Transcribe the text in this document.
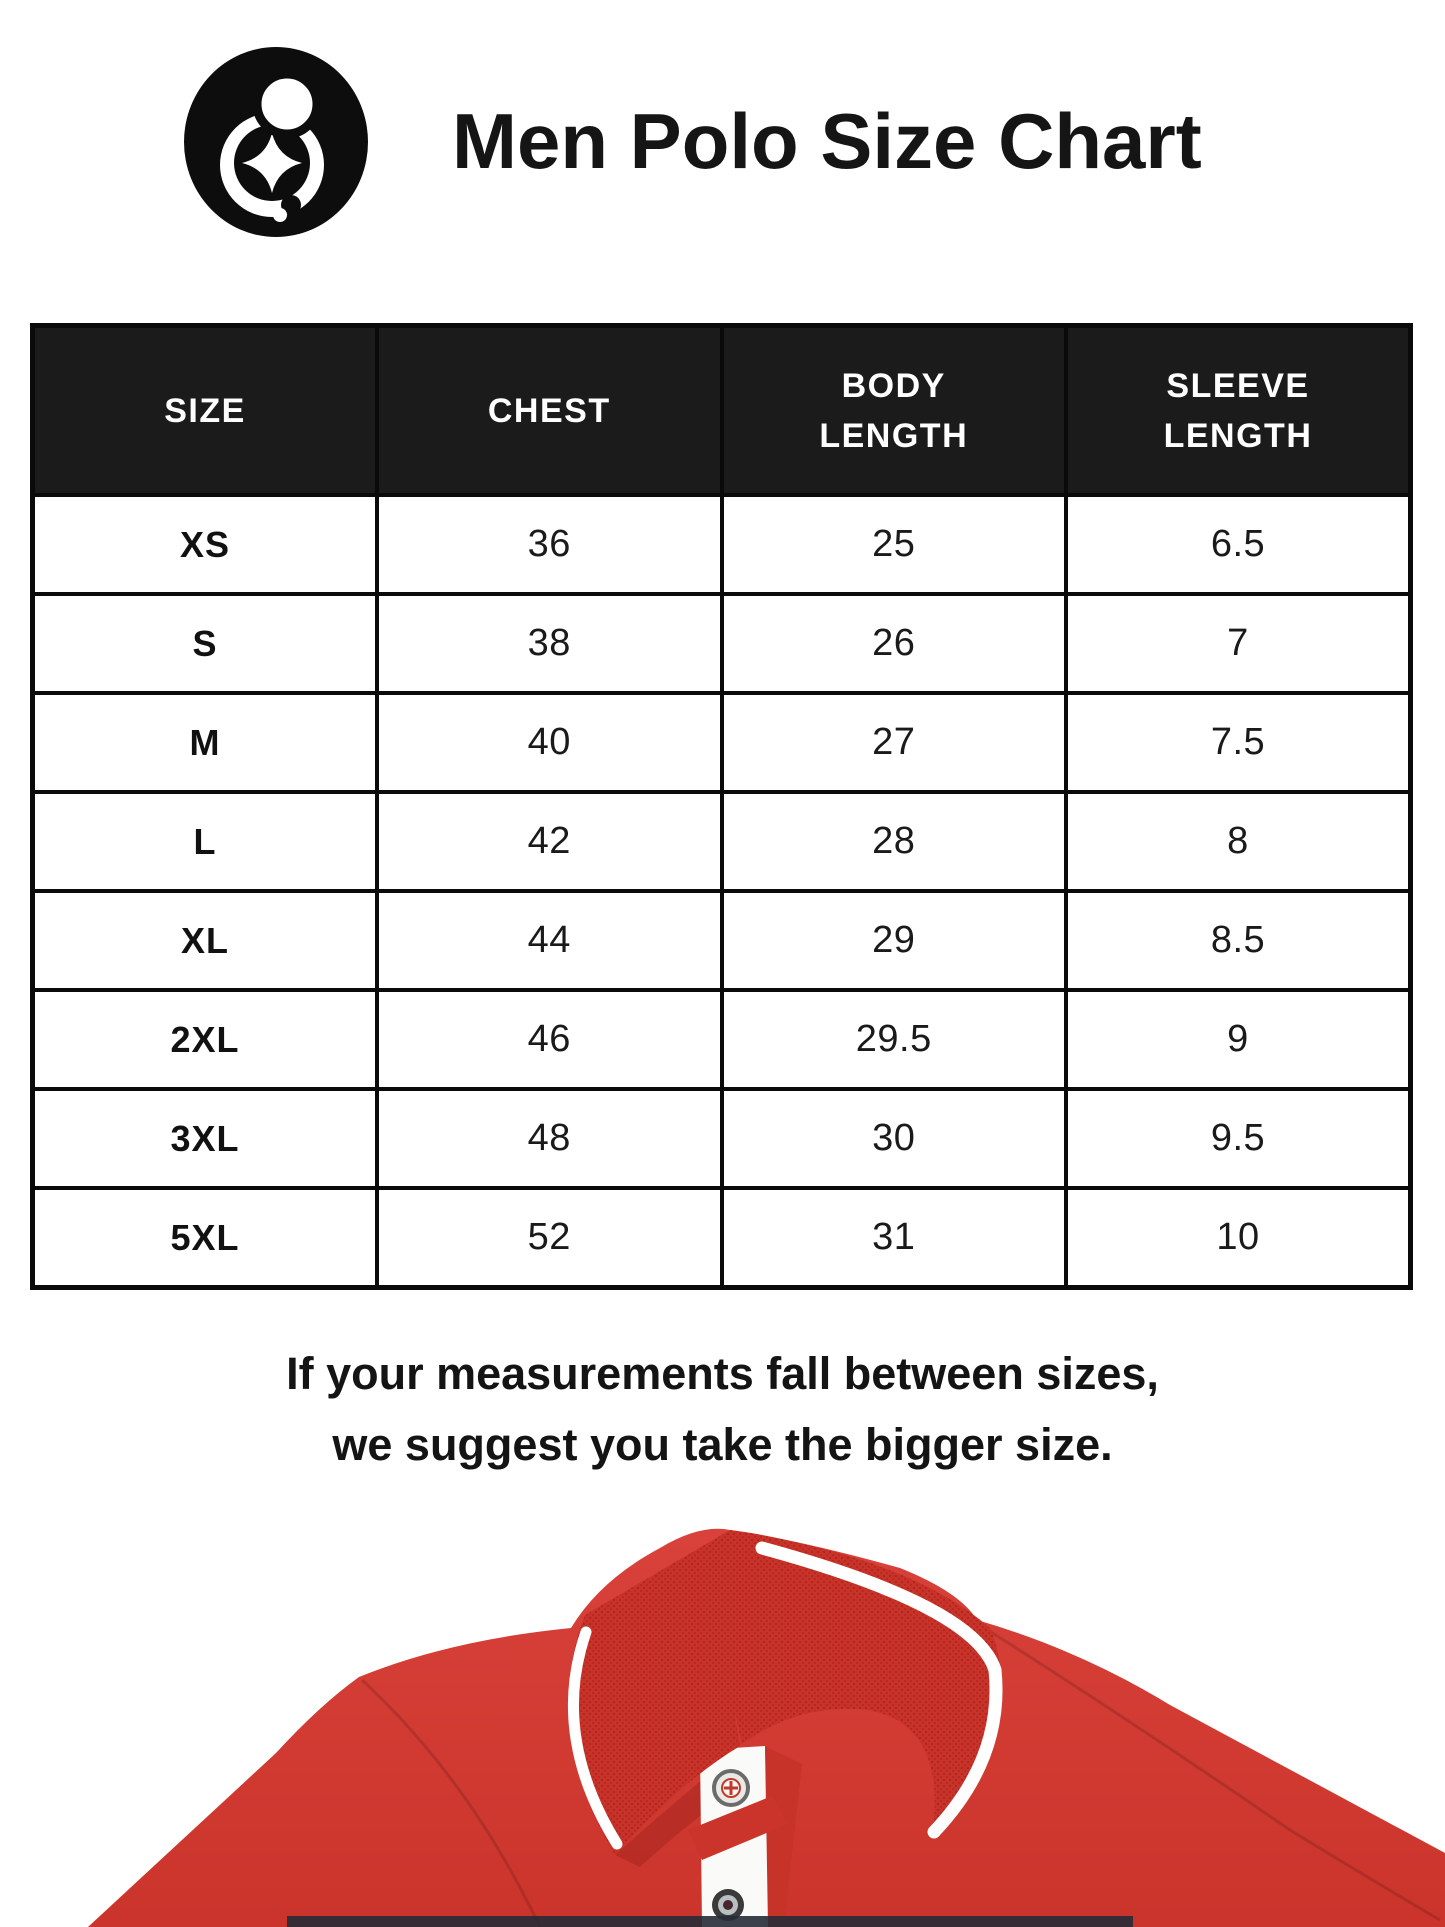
Men Polo Size Chart
SIZE	CHEST	BODY LENGTH	SLEEVE LENGTH
XS	36	25	6.5
S	38	26	7
M	40	27	7.5
L	42	28	8
XL	44	29	8.5
2XL	46	29.5	9
3XL	48	30	9.5
5XL	52	31	10
If your measurements fall between sizes,
we suggest you take the bigger size.
